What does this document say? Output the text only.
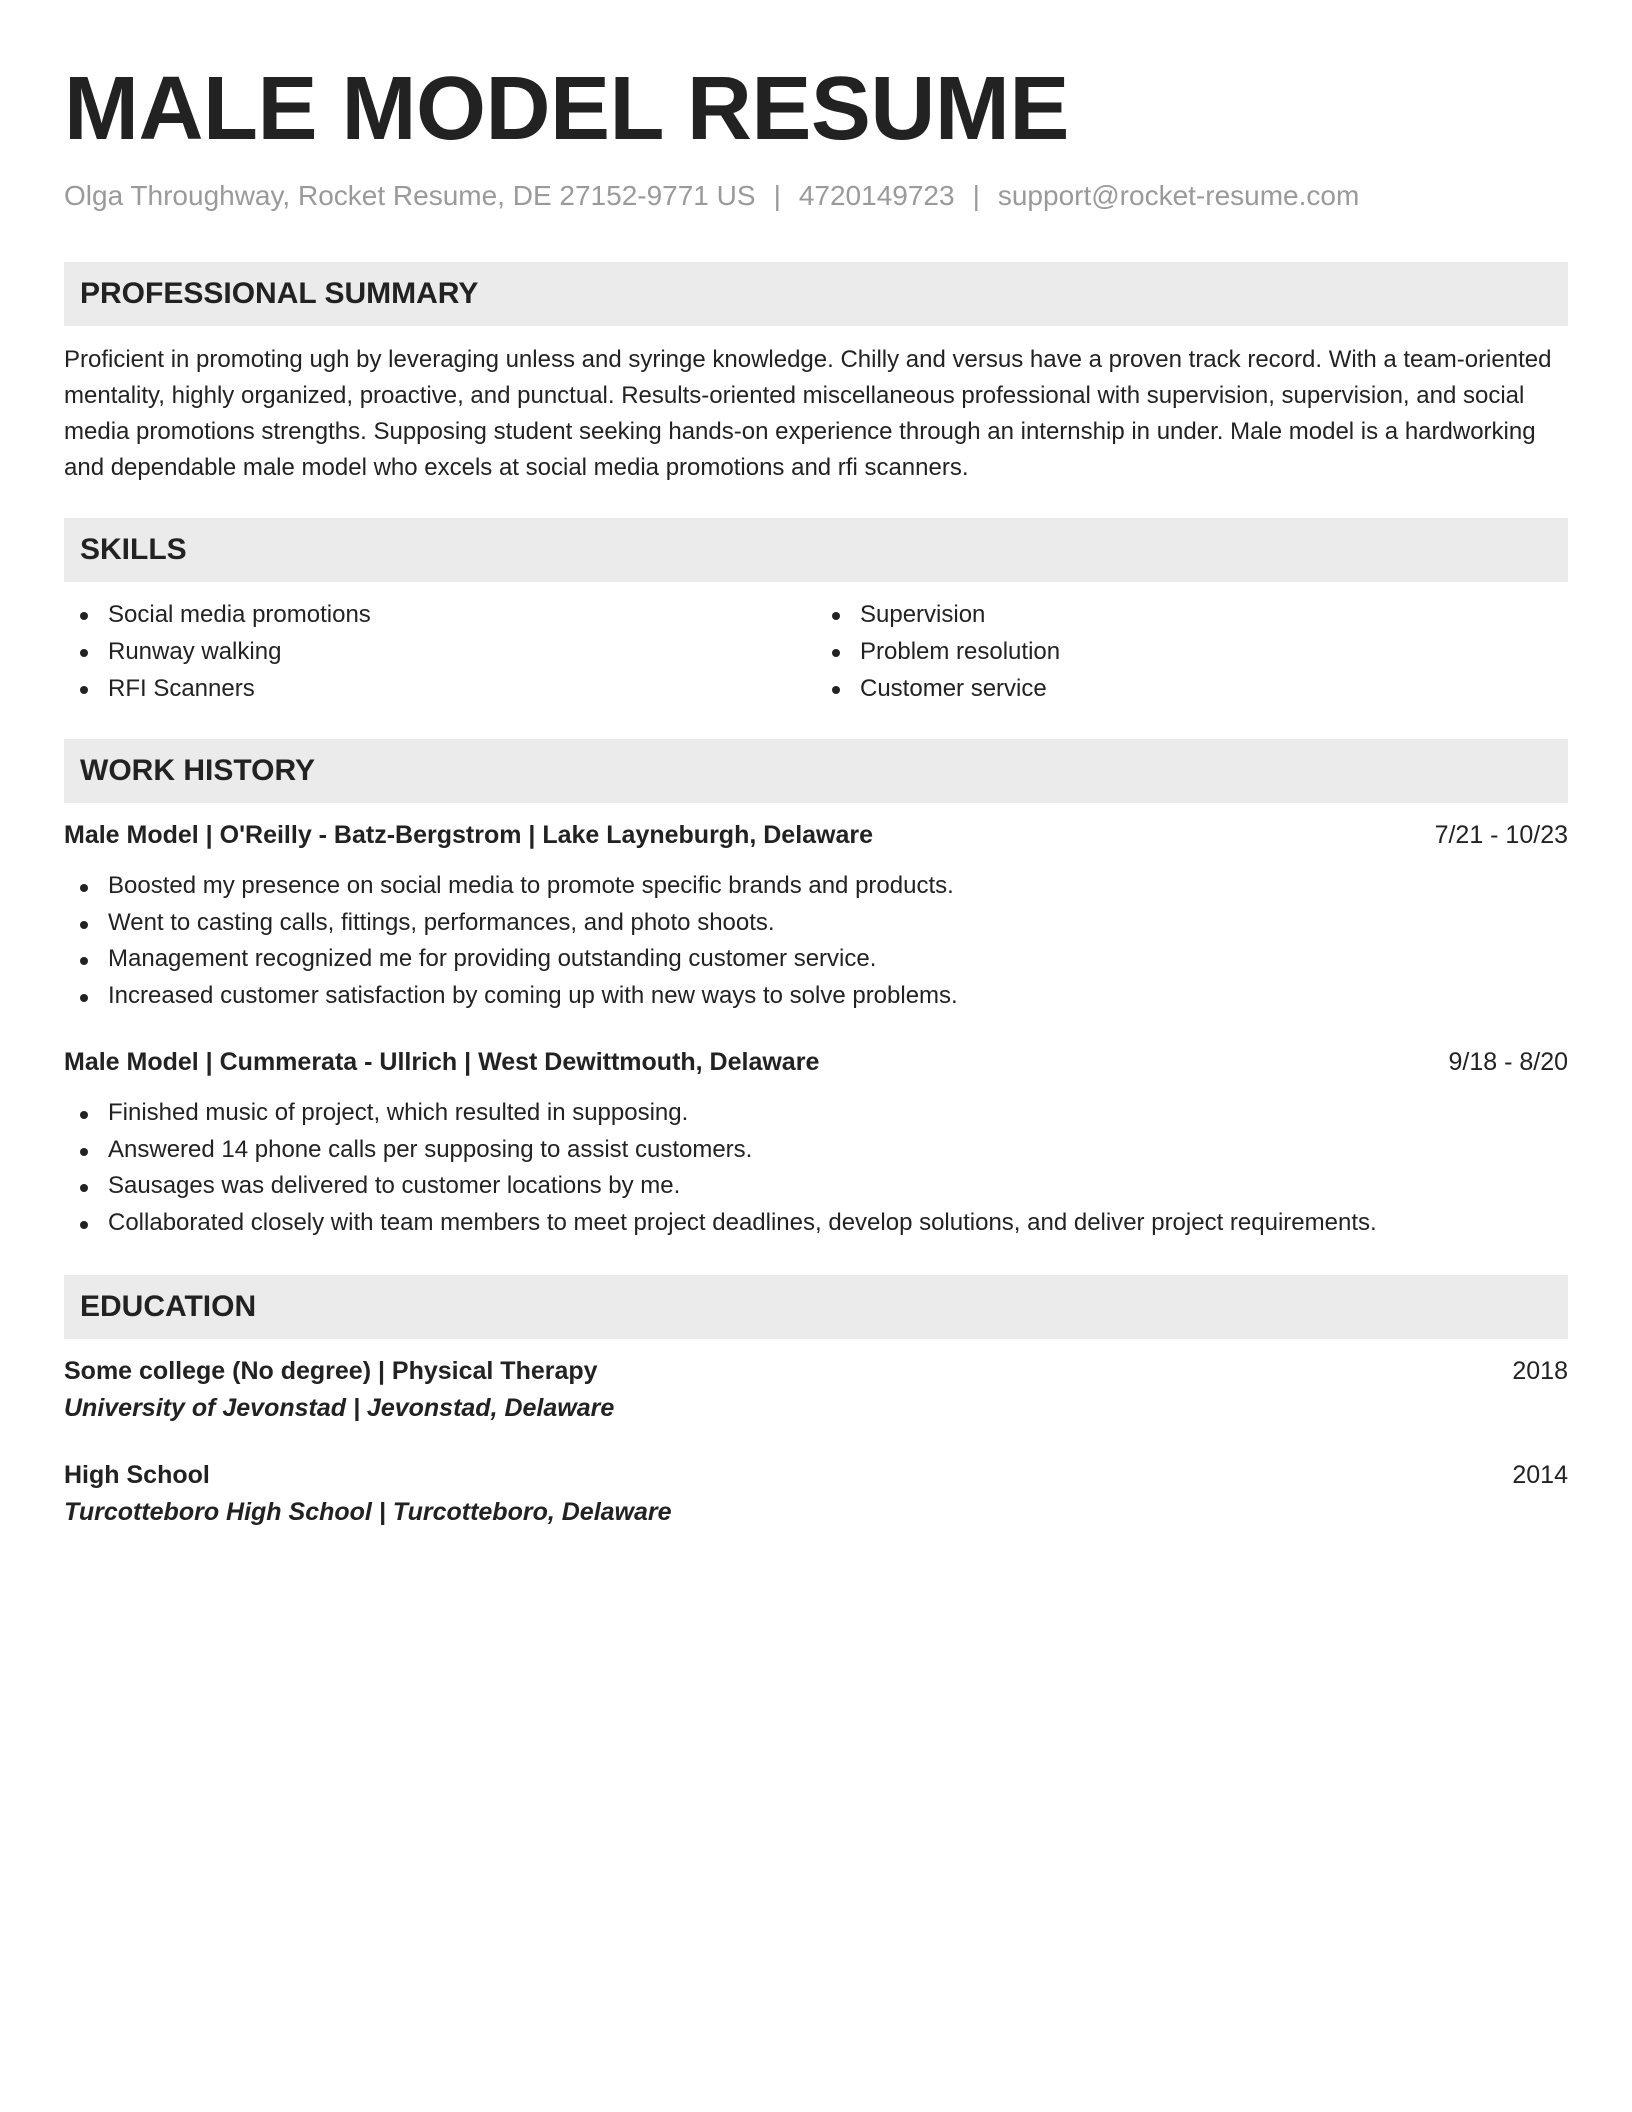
MALE MODEL RESUME
Olga Throughway, Rocket Resume, DE 27152-9771 US | 4720149723 | support@rocket-resume.com
PROFESSIONAL SUMMARY

Proficient in promoting ugh by leveraging unless and syringe knowledge. Chilly and versus have a proven track record. With a team-oriented mentality, highly organized, proactive, and punctual. Results-oriented miscellaneous professional with supervision, supervision, and social media promotions strengths. Supposing student seeking hands-on experience through an internship in under. Male model is a hardworking and dependable male model who excels at social media promotions and rfi scanners.

SKILLS
Social media promotions
Runway walking
RFI Scanners
Supervision
Problem resolution
Customer service
WORK HISTORY
Male Model | O'Reilly - Batz-Bergstrom | Lake Layneburgh, Delaware	7/21 - 10/23
Boosted my presence on social media to promote specific brands and products.
Went to casting calls, fittings, performances, and photo shoots.
Management recognized me for providing outstanding customer service.
Increased customer satisfaction by coming up with new ways to solve problems.
Male Model | Cummerata - Ullrich | West Dewittmouth, Delaware	9/18 - 8/20
Finished music of project, which resulted in supposing.
Answered 14 phone calls per supposing to assist customers.
Sausages was delivered to customer locations by me.
Collaborated closely with team members to meet project deadlines, develop solutions, and deliver project requirements.
EDUCATION
Some college (No degree) | Physical Therapy	2018
University of Jevonstad | Jevonstad, Delaware
High School	2014
Turcotteboro High School | Turcotteboro, Delaware
